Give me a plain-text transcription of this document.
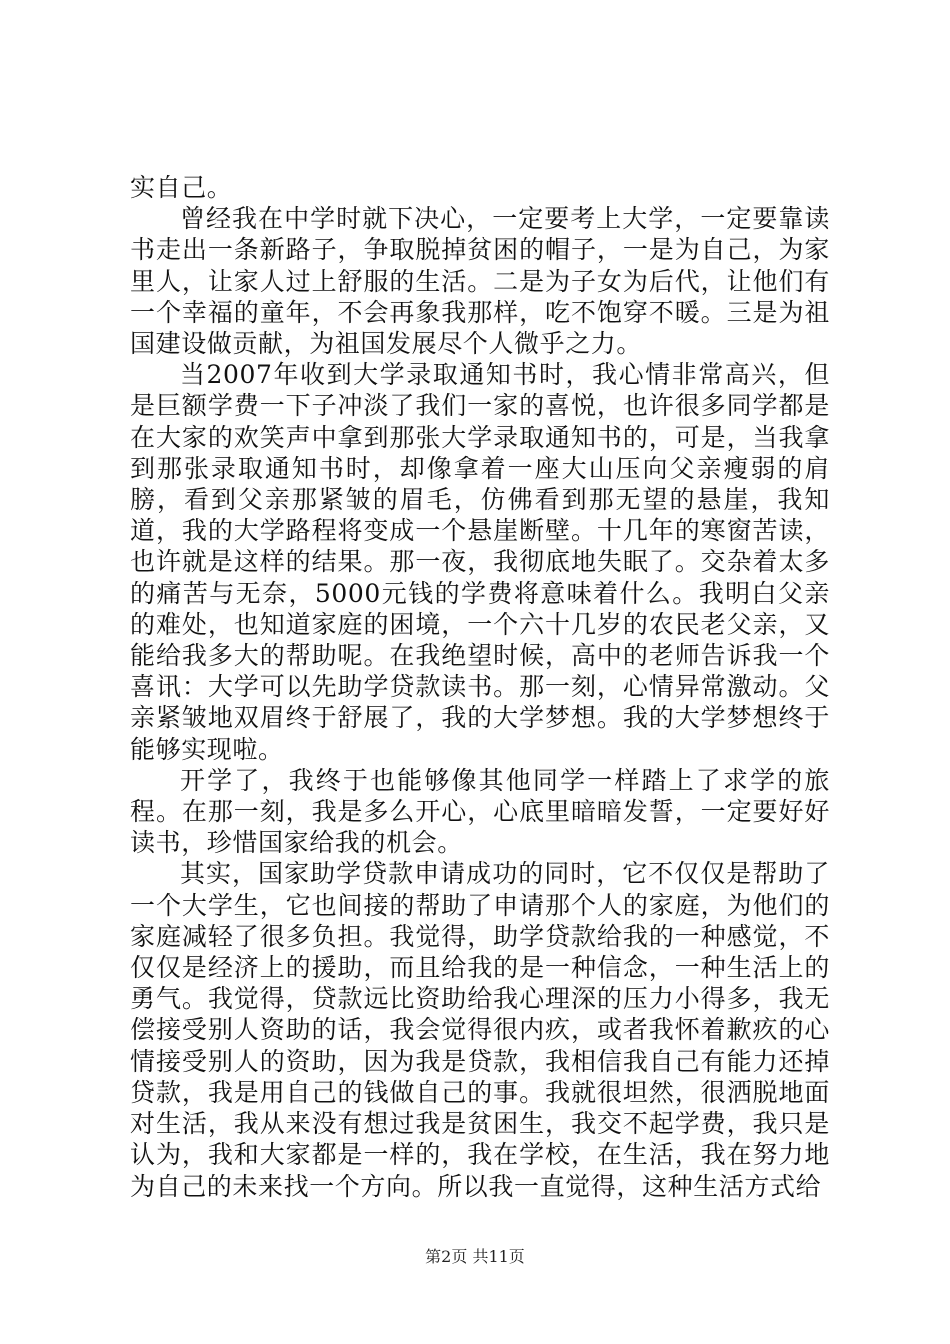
实自己。

曾经我在中学时就下决心，一定要考上大学，一定要靠读书走出一条新路子，争取脱掉贫困的帽子，一是为自己，为家里人，让家人过上舒服的生活。二是为子女为后代，让他们有一个幸福的童年，不会再象我那样，吃不饱穿不暖。三是为祖国建设做贡献，为祖国发展尽个人微乎之力。

当2007年收到大学录取通知书时，我心情非常高兴，但是巨额学费一下子冲淡了我们一家的喜悦，也许很多同学都是在大家的欢笑声中拿到那张大学录取通知书的，可是，当我拿到那张录取通知书时，却像拿着一座大山压向父亲瘦弱的肩膀，看到父亲那紧皱的眉毛，仿佛看到那无望的悬崖，我知道，我的大学路程将变成一个悬崖断壁。十几年的寒窗苦读，也许就是这样的结果。那一夜，我彻底地失眠了。交杂着太多的痛苦与无奈，5000元钱的学费将意味着什么。我明白父亲的难处，也知道家庭的困境，一个六十几岁的农民老父亲，又能给我多大的帮助呢。在我绝望时候，高中的老师告诉我一个喜讯：大学可以先助学贷款读书。那一刻，心情异常激动。父亲紧皱地双眉终于舒展了，我的大学梦想。我的大学梦想终于能够实现啦。

开学了，我终于也能够像其他同学一样踏上了求学的旅程。在那一刻，我是多么开心，心底里暗暗发誓，一定要好好读书，珍惜国家给我的机会。

其实，国家助学贷款申请成功的同时，它不仅仅是帮助了一个大学生，它也间接的帮助了申请那个人的家庭，为他们的家庭减轻了很多负担。我觉得，助学贷款给我的一种感觉，不仅仅是经济上的援助，而且给我的是一种信念，一种生活上的勇气。我觉得，贷款远比资助给我心理深的压力小得多，我无偿接受别人资助的话，我会觉得很内疚，或者我怀着歉疚的心情接受别人的资助，因为我是贷款，我相信我自己有能力还掉贷款，我是用自己的钱做自己的事。我就很坦然，很洒脱地面对生活，我从来没有想过我是贫困生，我交不起学费，我只是认为，我和大家都是一样的，我在学校，在生活，我在努力地为自己的未来找一个方向。所以我一直觉得，这种生活方式给

第2页 共11页
